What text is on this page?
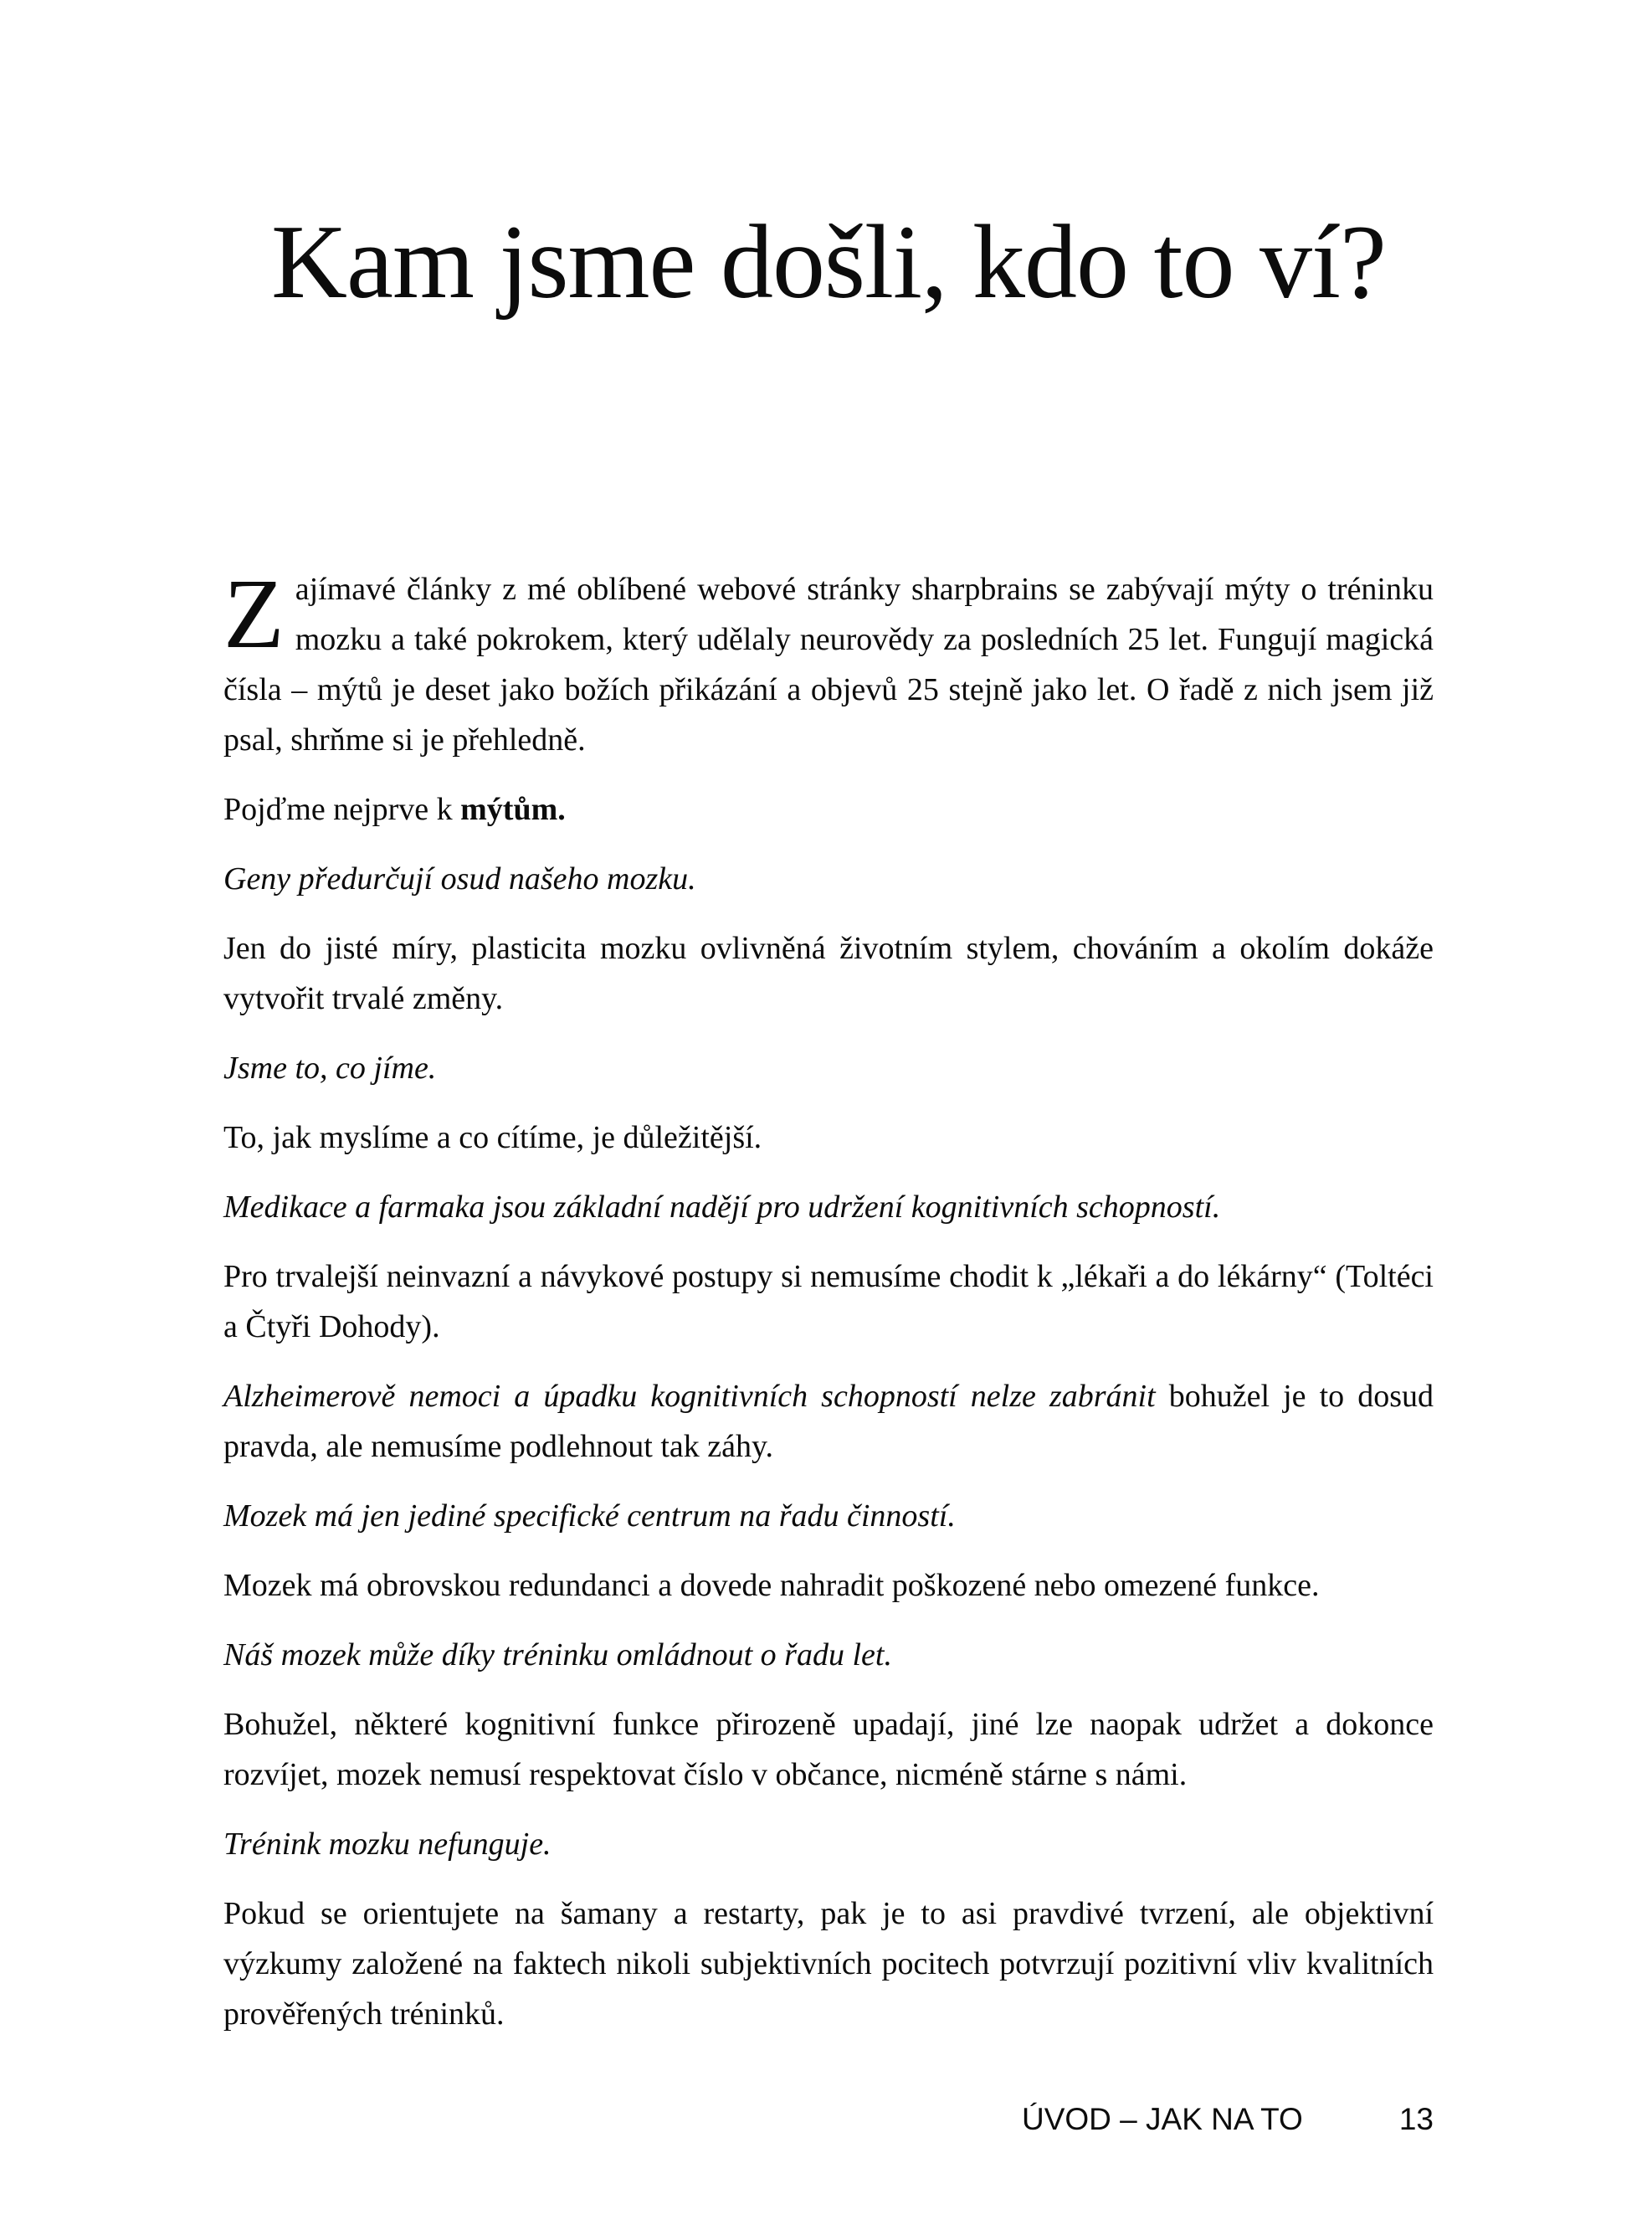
Kam jsme došli, kdo to ví?

Zajímavé články z mé oblíbené webové stránky sharpbrains se zabývají mýty o tréninku mozku a také pokrokem, který udělaly neurovědy za posledních 25 let. Fungují magická čísla – mýtů je deset jako božích přikázání a objevů 25 stejně jako let. O řadě z nich jsem již psal, shrňme si je přehledně.

Pojďme nejprve k mýtům.

Geny předurčují osud našeho mozku.

Jen do jisté míry, plasticita mozku ovlivněná životním stylem, chováním a okolím dokáže vytvořit trvalé změny.

Jsme to, co jíme.

To, jak myslíme a co cítíme, je důležitější.

Medikace a farmaka jsou základní nadějí pro udržení kognitivních schopností.

Pro trvalejší neinvazní a návykové postupy si nemusíme chodit k „lékaři a do lékárny“ (Toltéci a Čtyři Dohody).

Alzheimerově nemoci a úpadku kognitivních schopností nelze zabránit bohužel je to dosud pravda, ale nemusíme podlehnout tak záhy.

Mozek má jen jediné specifické centrum na řadu činností.

Mozek má obrovskou redundanci a dovede nahradit poškozené nebo omezené funkce.

Náš mozek může díky tréninku omládnout o řadu let.

Bohužel, některé kognitivní funkce přirozeně upadají, jiné lze naopak udržet a dokonce rozvíjet, mozek nemusí respektovat číslo v občance, nicméně stárne s námi.

Trénink mozku nefunguje.

Pokud se orientujete na šamany a restarty, pak je to asi pravdivé tvrzení, ale objektivní výzkumy založené na faktech nikoli subjektivních pocitech potvrzují pozitivní vliv kvalitních prověřených tréninků.

ÚVOD – JAK NA TO	13
